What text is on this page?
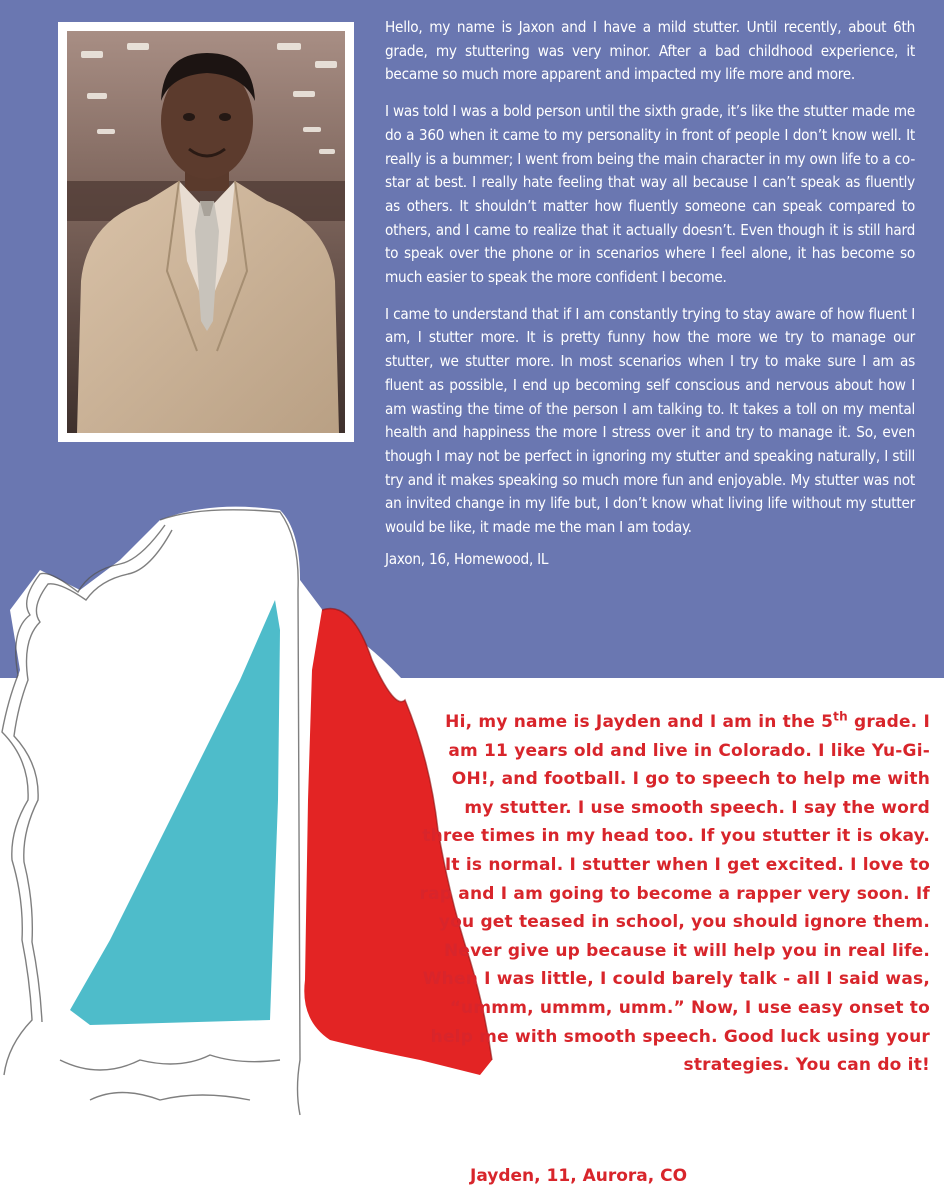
Hello, my name is Jaxon and I have a mild stutter. Until recently, about 6th grade, my stuttering was very minor. After a bad childhood experience, it became so much more apparent and impacted my life more and more.

I was told I was a bold person until the sixth grade, it’s like the stutter made me do a 360 when it came to my personality in front of people I don’t know well. It really is a bummer; I went from being the main character in my own life to a co-star at best. I really hate feeling that way all because I can’t speak as fluently as others. It shouldn’t matter how fluently someone can speak compared to others, and I came to realize that it actually doesn’t. Even though it is still hard to speak over the phone or in scenarios where I feel alone, it has become so much easier to speak the more confident I become.

I came to understand that if I am constantly trying to stay aware of how fluent I am, I stutter more. It is pretty funny how the more we try to manage our stutter, we stutter more. In most scenarios when I try to make sure I am as fluent as possible, I end up becoming self conscious and nervous about how I am wasting the time of the person I am talking to. It takes a toll on my mental health and happiness the more I stress over it and try to manage it. So, even though I may not be perfect in ignoring my stutter and speaking naturally, I still try and it makes speaking so much more fun and enjoyable. My stutter was not an invited change in my life but, I don’t know what living life without my stutter would be like, it made me the man I am today.

Jaxon, 16, Homewood, IL

Hi, my name is Jayden and I am in the 5th grade. I am 11 years old and live in Colorado. I like Yu-Gi-OH!, and football. I go to speech to help me with my stutter. I use smooth speech. I say the word three times in my head too. If you stutter it is okay. It is normal. I stutter when I get excited. I love to rap and I am going to become a rapper very soon. If you get teased in school, you should ignore them. Never give up because it will help you in real life. When I was little, I could barely talk - all I said was, “ummm, ummm, umm.” Now, I use easy onset to help me with smooth speech. Good luck using your strategies. You can do it!

Jayden, 11, Aurora, CO
